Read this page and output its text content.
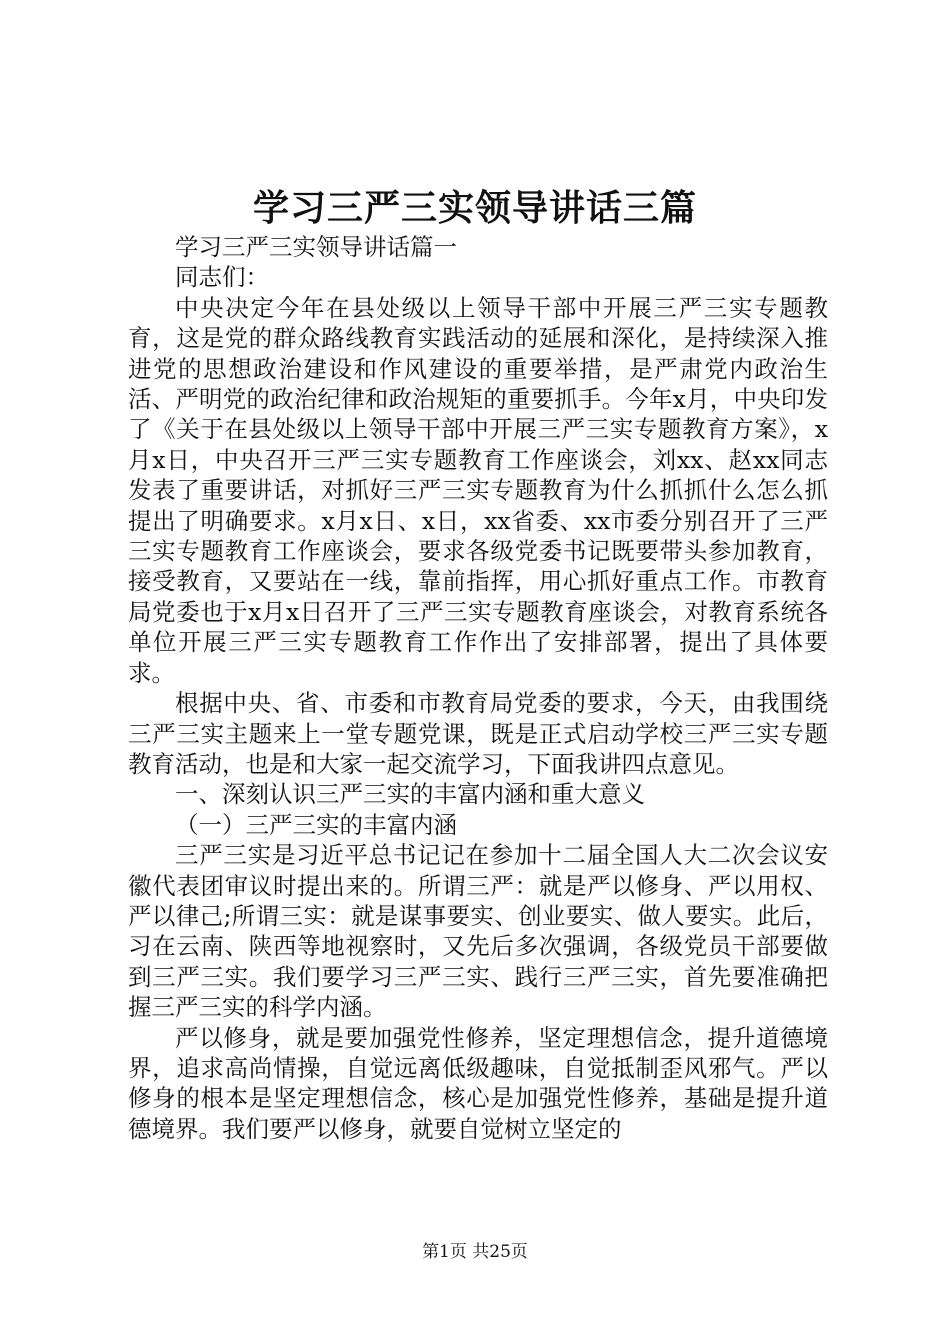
学习三严三实领导讲话三篇

学习三严三实领导讲话篇一

同志们：

中央决定今年在县处级以上领导干部中开展三严三实专题教育，这是党的群众路线教育实践活动的延展和深化，是持续深入推进党的思想政治建设和作风建设的重要举措，是严肃党内政治生活、严明党的政治纪律和政治规矩的重要抓手。今年x月，中央印发了《关于在县处级以上领导干部中开展三严三实专题教育方案》，x月x日，中央召开三严三实专题教育工作座谈会，刘xx、赵xx同志发表了重要讲话，对抓好三严三实专题教育为什么抓抓什么怎么抓提出了明确要求。x月x日、x日，xx省委、xx市委分别召开了三严三实专题教育工作座谈会，要求各级党委书记既要带头参加教育，接受教育，又要站在一线，靠前指挥，用心抓好重点工作。市教育局党委也于x月x日召开了三严三实专题教育座谈会，对教育系统各单位开展三严三实专题教育工作作出了安排部署，提出了具体要求。

根据中央、省、市委和市教育局党委的要求，今天，由我围绕三严三实主题来上一堂专题党课，既是正式启动学校三严三实专题教育活动，也是和大家一起交流学习，下面我讲四点意见。

一、深刻认识三严三实的丰富内涵和重大意义

（一）三严三实的丰富内涵

三严三实是习近平总书记记在参加十二届全国人大二次会议安徽代表团审议时提出来的。所谓三严：就是严以修身、严以用权、严以律己;所谓三实：就是谋事要实、创业要实、做人要实。此后，习在云南、陕西等地视察时，又先后多次强调，各级党员干部要做到三严三实。我们要学习三严三实、践行三严三实，首先要准确把握三严三实的科学内涵。

严以修身，就是要加强党性修养，坚定理想信念，提升道德境界，追求高尚情操，自觉远离低级趣味，自觉抵制歪风邪气。严以修身的根本是坚定理想信念，核心是加强党性修养，基础是提升道德境界。我们要严以修身，就要自觉树立坚定的

第1页 共25页
